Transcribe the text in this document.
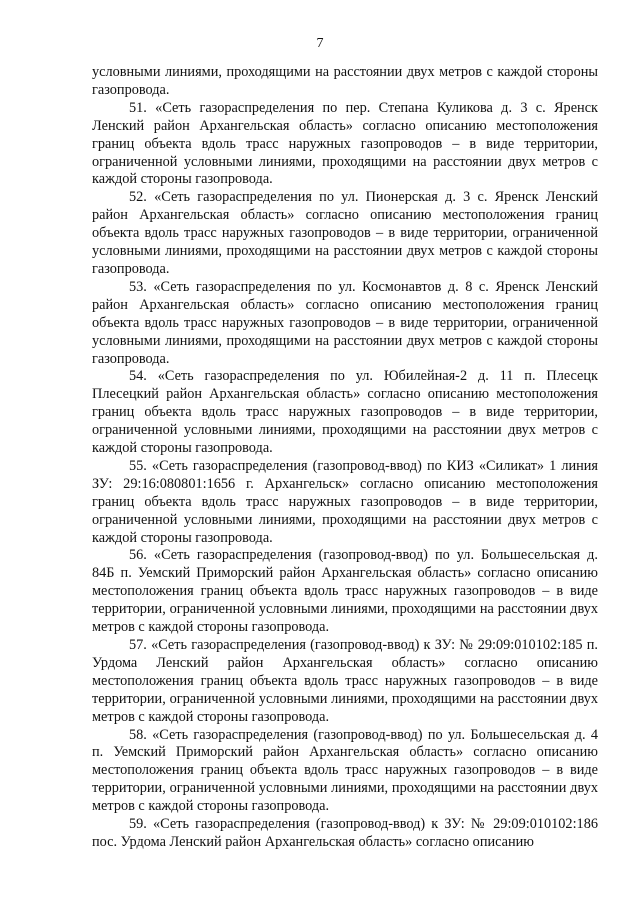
7

условными линиями, проходящими на расстоянии двух метров с каждой стороны газопровода.

51. «Сеть газораспределения по пер. Степана Куликова д. 3 с. Яренск Ленский район Архангельская область» согласно описанию местоположения границ объекта вдоль трасс наружных газопроводов – в виде территории, ограниченной условными линиями, проходящими на расстоянии двух метров с каждой стороны газопровода.

52. «Сеть газораспределения по ул. Пионерская д. 3 с. Яренск Ленский район Архангельская область» согласно описанию местоположения границ объекта вдоль трасс наружных газопроводов – в виде территории, ограниченной условными линиями, проходящими на расстоянии двух метров с каждой стороны газопровода.

53. «Сеть газораспределения по ул. Космонавтов д. 8 с. Яренск Ленский район Архангельская область» согласно описанию местоположения границ объекта вдоль трасс наружных газопроводов – в виде территории, ограниченной условными линиями, проходящими на расстоянии двух метров с каждой стороны газопровода.

54. «Сеть газораспределения по ул. Юбилейная-2 д. 11 п. Плесецк Плесецкий район Архангельская область» согласно описанию местоположения границ объекта вдоль трасс наружных газопроводов – в виде территории, ограниченной условными линиями, проходящими на расстоянии двух метров с каждой стороны газопровода.

55. «Сеть газораспределения (газопровод-ввод) по КИЗ «Силикат» 1 линия ЗУ: 29:16:080801:1656 г. Архангельск» согласно описанию местоположения границ объекта вдоль трасс наружных газопроводов – в виде территории, ограниченной условными линиями, проходящими на расстоянии двух метров с каждой стороны газопровода.

56. «Сеть газораспределения (газопровод-ввод) по ул. Большесельская д. 84Б п. Уемский Приморский район Архангельская область» согласно описанию местоположения границ объекта вдоль трасс наружных газопроводов – в виде территории, ограниченной условными линиями, проходящими на расстоянии двух метров с каждой стороны газопровода.

57. «Сеть газораспределения (газопровод-ввод) к ЗУ: № 29:09:010102:185 п. Урдома Ленский район Архангельская область» согласно описанию местоположения границ объекта вдоль трасс наружных газопроводов – в виде территории, ограниченной условными линиями, проходящими на расстоянии двух метров с каждой стороны газопровода.

58. «Сеть газораспределения (газопровод-ввод) по ул. Большесельская д. 4 п. Уемский Приморский район Архангельская область» согласно описанию местоположения границ объекта вдоль трасс наружных газопроводов – в виде территории, ограниченной условными линиями, проходящими на расстоянии двух метров с каждой стороны газопровода.

59. «Сеть газораспределения (газопровод-ввод) к ЗУ: № 29:09:010102:186 пос. Урдома Ленский район Архангельская область» согласно описанию
